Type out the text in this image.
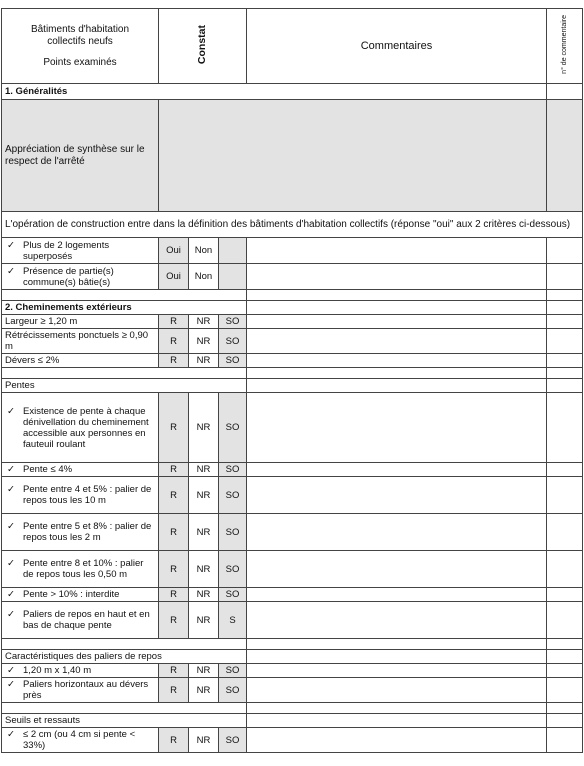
Bâtiments d'habitation
collectifs neufs
Points examinés	Constat			Commentaires	n° de commentaire
1. Généralités					
Appréciation de synthèse sur le respect de l'arrêté					
L'opération de construction entre dans la définition des bâtiments d'habitation collectifs (réponse "oui" aux 2 critères ci-dessous)					

✓ Plus de 2 logements superposés	Oui	Non			

✓ Présence de partie(s) commune(s) bâtie(s)	Oui	Non			

2. Cheminements extérieurs					
Largeur ≥ 1,20 m	R	NR	SO		
Rétrécissements ponctuels ≥ 0,90 m	R	NR	SO		
Dévers ≤ 2%	R	NR	SO		

Pentes					

✓ Existence de pente à chaque dénivellation du cheminement accessible aux personnes en fauteuil roulant	R	NR	SO		

✓ Pente ≤ 4%	R	NR	SO		

✓ Pente entre 4 et 5% : palier de repos tous les 10 m	R	NR	SO		

✓ Pente entre 5 et 8% : palier de repos tous les 2 m	R	NR	SO		

✓ Pente entre 8 et 10% : palier de repos tous les 0,50 m	R	NR	SO		

✓ Pente > 10% : interdite	R	NR	SO		

✓ Paliers de repos en haut et en bas de chaque pente	R	NR	S		

Caractéristiques des paliers de repos					

✓ 1,20 m x 1,40 m	R	NR	SO		

✓ Paliers horizontaux au dévers près	R	NR	SO		

Seuils et ressauts					

✓ ≤ 2 cm (ou 4 cm si pente < 33%)	R	NR	SO		
